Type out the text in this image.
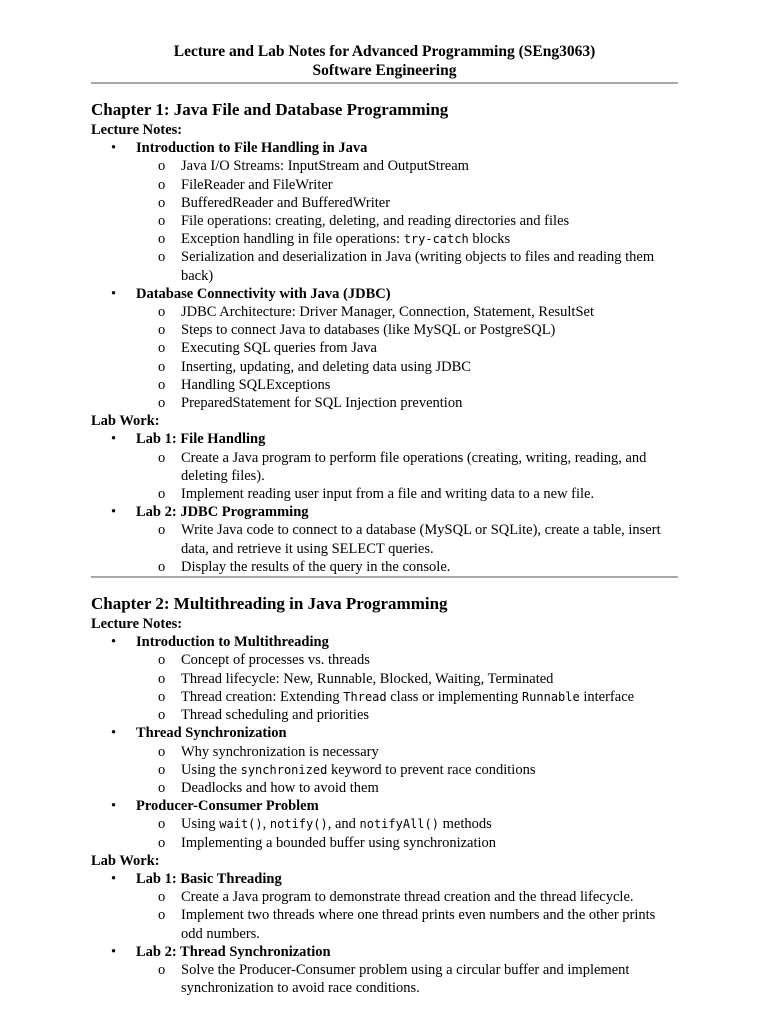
Lecture and Lab Notes for Advanced Programming (SEng3063)
Software Engineering
Chapter 1: Java File and Database Programming
Lecture Notes:
• Introduction to File Handling in Java
o Java I/O Streams: InputStream and OutputStream
o FileReader and FileWriter
o BufferedReader and BufferedWriter
o File operations: creating, deleting, and reading directories and files
o Exception handling in file operations: try-catch blocks
o Serialization and deserialization in Java (writing objects to files and reading them back)
• Database Connectivity with Java (JDBC)
o JDBC Architecture: Driver Manager, Connection, Statement, ResultSet
o Steps to connect Java to databases (like MySQL or PostgreSQL)
o Executing SQL queries from Java
o Inserting, updating, and deleting data using JDBC
o Handling SQLExceptions
o PreparedStatement for SQL Injection prevention
Lab Work:
• Lab 1: File Handling
o Create a Java program to perform file operations (creating, writing, reading, and deleting files).
o Implement reading user input from a file and writing data to a new file.
• Lab 2: JDBC Programming
o Write Java code to connect to a database (MySQL or SQLite), create a table, insert data, and retrieve it using SELECT queries.
o Display the results of the query in the console.
Chapter 2: Multithreading in Java Programming
Lecture Notes:
• Introduction to Multithreading
o Concept of processes vs. threads
o Thread lifecycle: New, Runnable, Blocked, Waiting, Terminated
o Thread creation: Extending Thread class or implementing Runnable interface
o Thread scheduling and priorities
• Thread Synchronization
o Why synchronization is necessary
o Using the synchronized keyword to prevent race conditions
o Deadlocks and how to avoid them
• Producer-Consumer Problem
o Using wait(), notify(), and notifyAll() methods
o Implementing a bounded buffer using synchronization
Lab Work:
• Lab 1: Basic Threading
o Create a Java program to demonstrate thread creation and the thread lifecycle.
o Implement two threads where one thread prints even numbers and the other prints odd numbers.
• Lab 2: Thread Synchronization
o Solve the Producer-Consumer problem using a circular buffer and implement synchronization to avoid race conditions.
